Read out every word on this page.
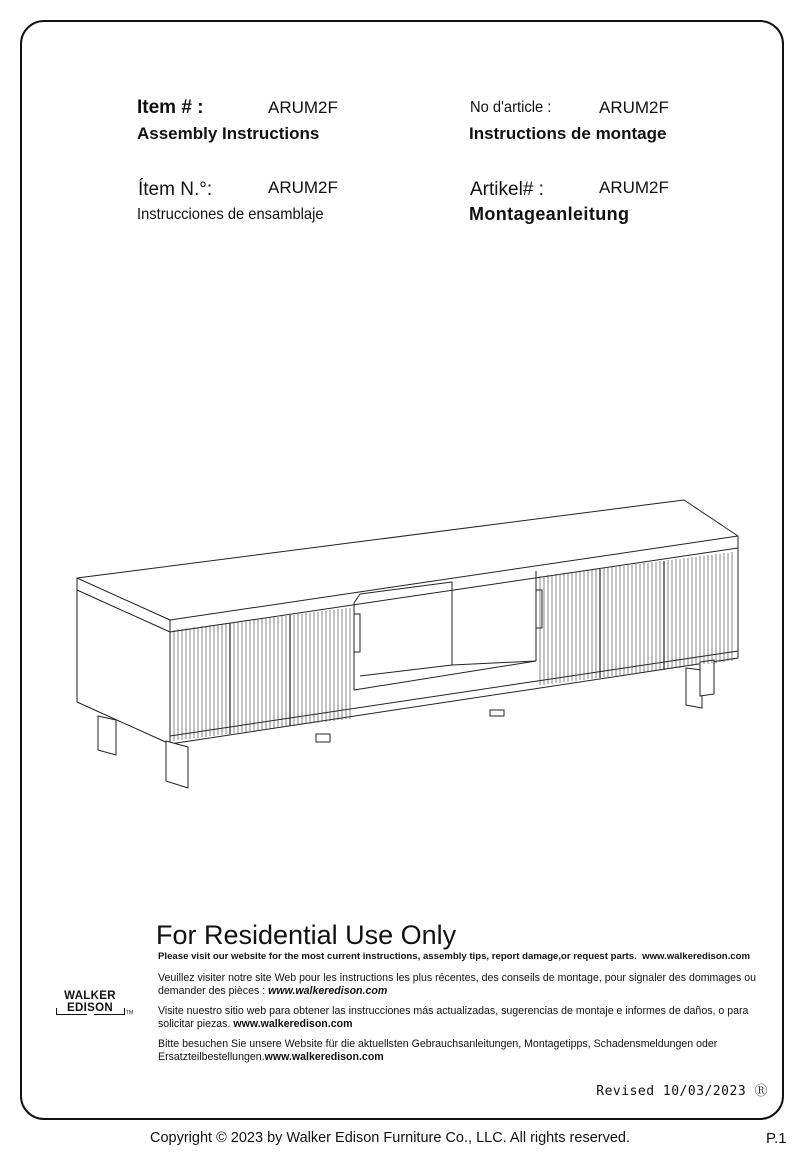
Item # :	ARUM2F
Assembly Instructions
No d'article :	ARUM2F
Instructions de montage
Ítem N.°:	ARUM2F
Instrucciones de ensamblaje
Artikel# :	ARUM2F
Montageanleitung
For Residential Use Only
Please visit our website for the most current instructions, assembly tips, report damage,or request parts. www.walkeredison.com
Veuillez visiter notre site Web pour les instructions les plus récentes, des conseils de montage, pour signaler des dommages ou demander des pièces : www.walkeredison.com
Visite nuestro sitio web para obtener las instrucciones más actualizadas, sugerencias de montaje e informes de daños, o para solicitar piezas. www.walkeredison.com
Bitte besuchen Sie unsere Website für die aktuellsten Gebrauchsanleitungen, Montagetipps, Schadensmeldungen oder Ersatzteilbestellungen.www.walkeredison.com
WALKER EDISON	TM
Revised 10/03/2023 Ⓡ
Copyright © 2023 by Walker Edison Furniture Co., LLC. All rights reserved.	P.1
